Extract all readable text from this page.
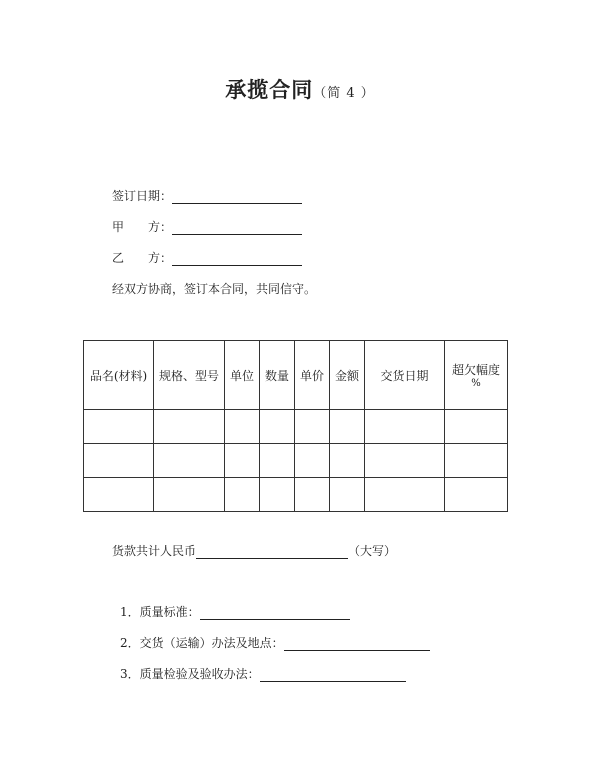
承揽合同（简 4 ）
签订日期：
甲　　方：
乙　　方：
经双方协商，签订本合同，共同信守。
品名(材料)	规格、型号	单位	数量	单价	金额	交货日期	超欠幅度
%

货款共计人民币	（大写）
1．质量标准：
2．交货（运输）办法及地点：
3．质量检验及验收办法：
